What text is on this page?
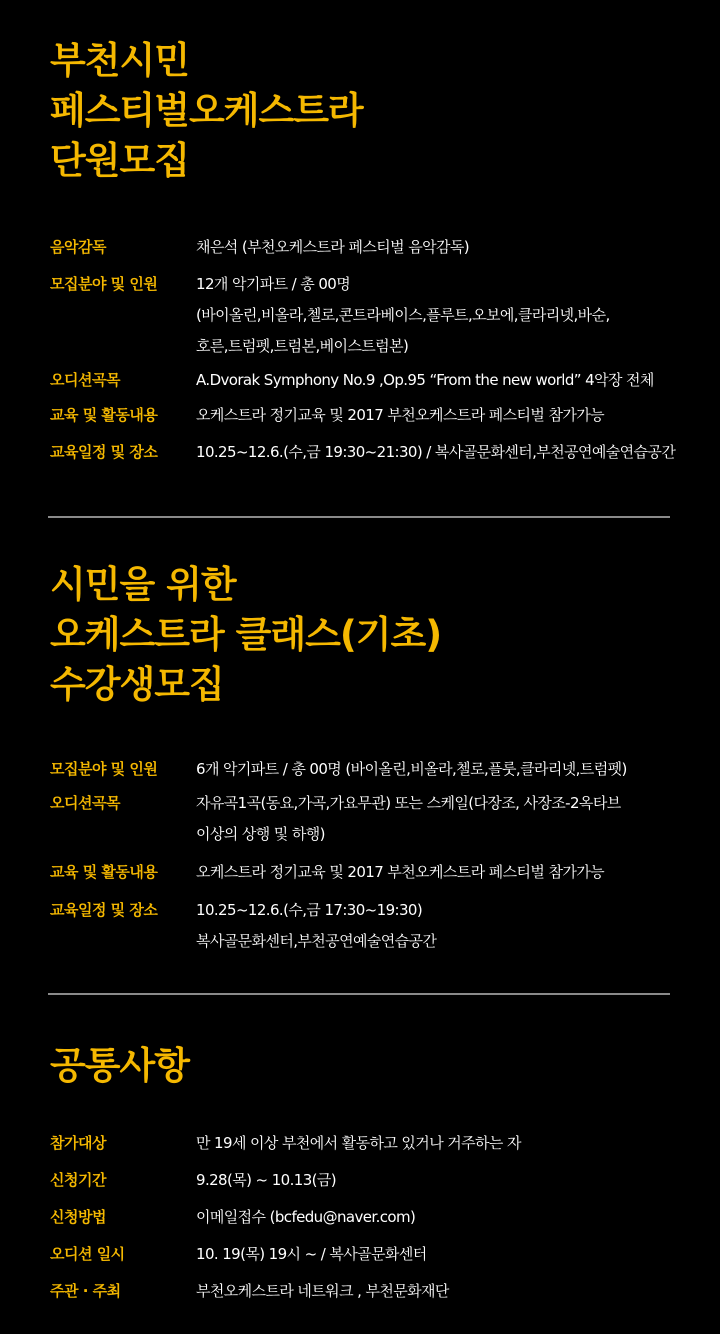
부천시민
페스티벌오케스트라
단원모집
음악감독	채은석 (부천오케스트라 페스티벌 음악감독)
모집분야 및 인원	12개 악기파트 / 총 00명
(바이올린,비올라,첼로,콘트라베이스,플루트,오보에,클라리넷,바순,
호른,트럼펫,트럼본,베이스트럼본)
오디션곡목	A.Dvorak Symphony No.9 ,Op.95 “From the new world” 4악장 전체
교육 및 활동내용	오케스트라 정기교육 및 2017 부천오케스트라 페스티벌 참가가능
교육일정 및 장소	10.25~12.6.(수,금 19:30~21:30) / 복사골문화센터,부천공연예술연습공간
시민을 위한
오케스트라 클래스(기초)
수강생모집
모집분야 및 인원	6개 악기파트 / 총 00명 (바이올린,비올라,첼로,플룻,클라리넷,트럼펫)
오디션곡목	자유곡1곡(동요,가곡,가요무관) 또는 스케일(다장조, 사장조-2옥타브
이상의 상행 및 하행)
교육 및 활동내용	오케스트라 정기교육 및 2017 부천오케스트라 페스티벌 참가가능
교육일정 및 장소	10.25~12.6.(수,금 17:30~19:30)
복사골문화센터,부천공연예술연습공간
공통사항
참가대상	만 19세 이상 부천에서 활동하고 있거나 거주하는 자
신청기간	9.28(목) ~ 10.13(금)
신청방법	이메일접수 (bcfedu@naver.com)
오디션 일시	10. 19(목) 19시 ~ / 복사골문화센터
주관 · 주최	부천오케스트라 네트워크 , 부천문화재단
